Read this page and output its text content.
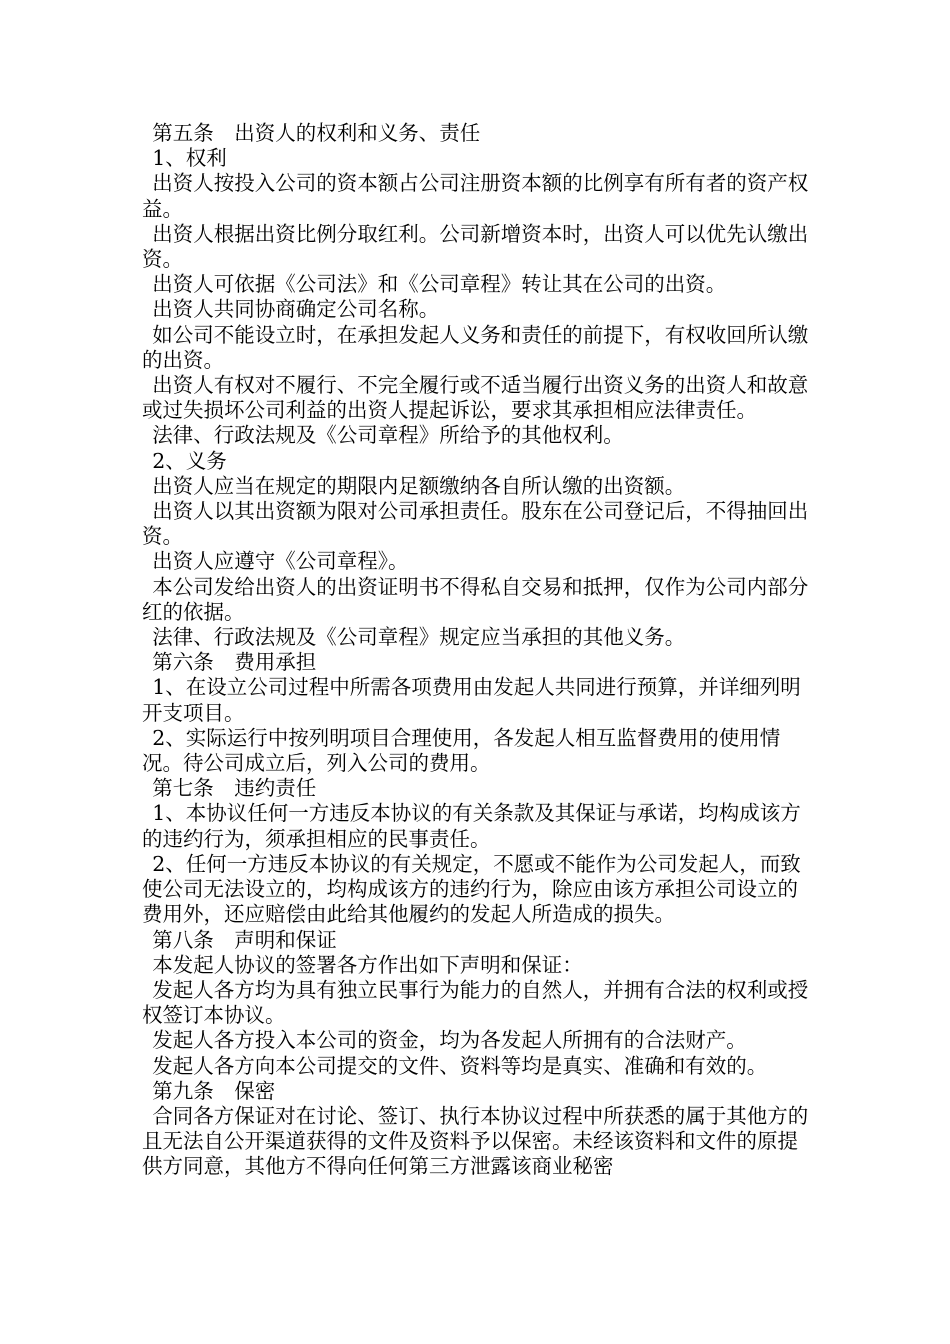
第五条　出资人的权利和义务、责任

1、权利

出资人按投入公司的资本额占公司注册资本额的比例享有所有者的资产权益。

出资人根据出资比例分取红利。公司新增资本时，出资人可以优先认缴出资。

出资人可依据《公司法》和《公司章程》转让其在公司的出资。

出资人共同协商确定公司名称。

如公司不能设立时，在承担发起人义务和责任的前提下，有权收回所认缴的出资。

出资人有权对不履行、不完全履行或不适当履行出资义务的出资人和故意或过失损坏公司利益的出资人提起诉讼，要求其承担相应法律责任。

法律、行政法规及《公司章程》所给予的其他权利。

2、义务

出资人应当在规定的期限内足额缴纳各自所认缴的出资额。

出资人以其出资额为限对公司承担责任。股东在公司登记后，不得抽回出资。

出资人应遵守《公司章程》。

本公司发给出资人的出资证明书不得私自交易和抵押，仅作为公司内部分红的依据。

法律、行政法规及《公司章程》规定应当承担的其他义务。

第六条　费用承担

1、在设立公司过程中所需各项费用由发起人共同进行预算，并详细列明开支项目。

2、实际运行中按列明项目合理使用，各发起人相互监督费用的使用情况。待公司成立后，列入公司的费用。

第七条　违约责任

1、本协议任何一方违反本协议的有关条款及其保证与承诺，均构成该方的违约行为，须承担相应的民事责任。

2、任何一方违反本协议的有关规定，不愿或不能作为公司发起人，而致使公司无法设立的，均构成该方的违约行为，除应由该方承担公司设立的费用外，还应赔偿由此给其他履约的发起人所造成的损失。

第八条　声明和保证

本发起人协议的签署各方作出如下声明和保证：

发起人各方均为具有独立民事行为能力的自然人，并拥有合法的权利或授权签订本协议。

发起人各方投入本公司的资金，均为各发起人所拥有的合法财产。

发起人各方向本公司提交的文件、资料等均是真实、准确和有效的。

第九条　保密

合同各方保证对在讨论、签订、执行本协议过程中所获悉的属于其他方的且无法自公开渠道获得的文件及资料予以保密。未经该资料和文件的原提供方同意，其他方不得向任何第三方泄露该商业秘密
